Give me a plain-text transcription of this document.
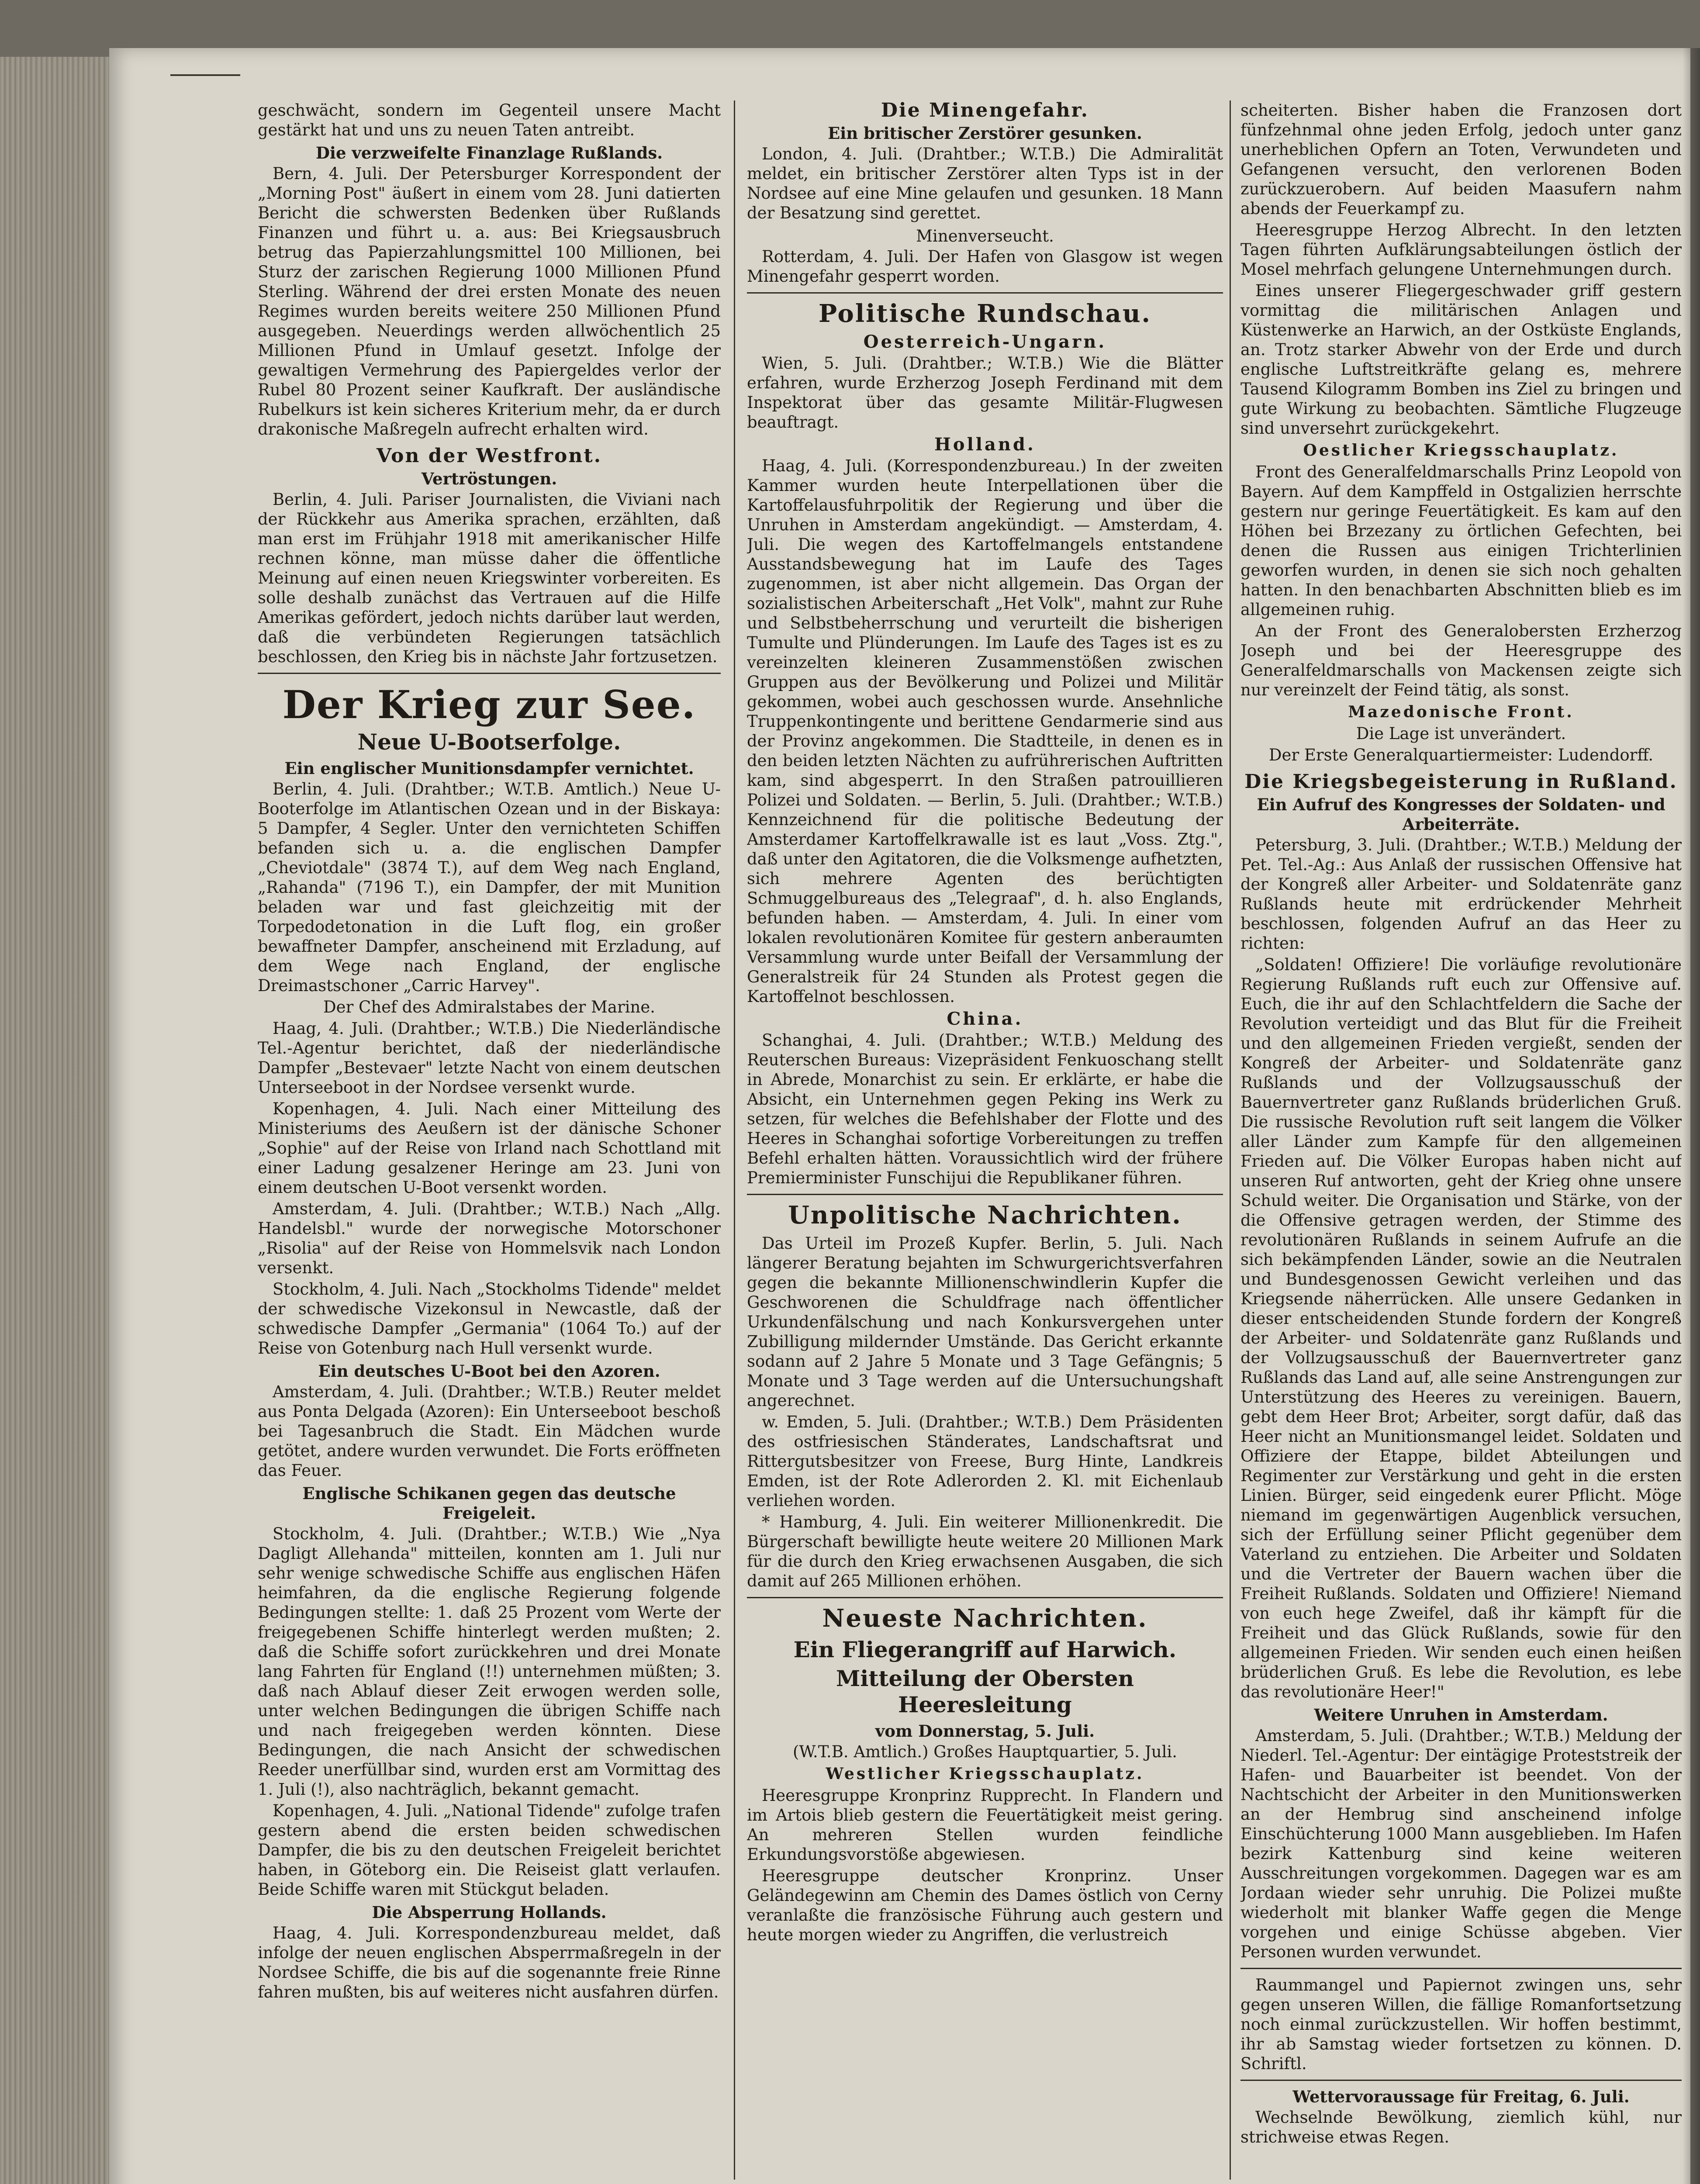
geschwächt, sondern im Gegenteil unsere Macht gestärkt hat und uns zu neuen Taten antreibt.

Die verzweifelte Finanzlage Rußlands.

Bern, 4. Juli. Der Petersburger Korrespondent der „Morning Post" äußert in einem vom 28. Juni datierten Bericht die schwersten Bedenken über Rußlands Finanzen und führt u. a. aus: Bei Kriegsausbruch betrug das Papierzahlungsmittel 100 Millionen, bei Sturz der zarischen Regierung 1000 Millionen Pfund Sterling. Während der drei ersten Monate des neuen Regimes wurden bereits weitere 250 Millionen Pfund ausgegeben. Neuerdings werden allwöchentlich 25 Millionen Pfund in Umlauf gesetzt. Infolge der gewaltigen Vermehrung des Papiergeldes verlor der Rubel 80 Prozent seiner Kaufkraft. Der ausländische Rubelkurs ist kein sicheres Kriterium mehr, da er durch drakonische Maßregeln aufrecht erhalten wird.

Von der Westfront.
Vertröstungen.

Berlin, 4. Juli. Pariser Journalisten, die Viviani nach der Rückkehr aus Amerika sprachen, erzählten, daß man erst im Frühjahr 1918 mit amerikanischer Hilfe rechnen könne, man müsse daher die öffentliche Meinung auf einen neuen Kriegswinter vorbereiten. Es solle deshalb zunächst das Vertrauen auf die Hilfe Amerikas gefördert, jedoch nichts darüber laut werden, daß die verbündeten Regierungen tatsächlich beschlossen, den Krieg bis in nächste Jahr fortzusetzen.

Der Krieg zur See.
Neue U-Bootserfolge.
Ein englischer Munitionsdampfer vernichtet.

Berlin, 4. Juli. (Drahtber.; W.T.B. Amtlich.) Neue U-Booterfolge im Atlantischen Ozean und in der Biskaya: 5 Dampfer, 4 Segler. Unter den vernichteten Schiffen befanden sich u. a. die englischen Dampfer „Cheviotdale" (3874 T.), auf dem Weg nach England, „Rahanda" (7196 T.), ein Dampfer, der mit Munition beladen war und fast gleichzeitig mit der Torpedodetonation in die Luft flog, ein großer bewaffneter Dampfer, anscheinend mit Erzladung, auf dem Wege nach England, der englische Dreimastschoner „Carric Harvey".

Der Chef des Admiralstabes der Marine.

Haag, 4. Juli. (Drahtber.; W.T.B.) Die Niederländische Tel.-Agentur berichtet, daß der niederländische Dampfer „Bestevaer" letzte Nacht von einem deutschen Unterseeboot in der Nordsee versenkt wurde.

Kopenhagen, 4. Juli. Nach einer Mitteilung des Ministeriums des Aeußern ist der dänische Schoner „Sophie" auf der Reise von Irland nach Schottland mit einer Ladung gesalzener Heringe am 23. Juni von einem deutschen U-Boot versenkt worden.

Amsterdam, 4. Juli. (Drahtber.; W.T.B.) Nach „Allg. Handelsbl." wurde der norwegische Motorschoner „Risolia" auf der Reise von Hommelsvik nach London versenkt.

Stockholm, 4. Juli. Nach „Stockholms Tidende" meldet der schwedische Vizekonsul in Newcastle, daß der schwedische Dampfer „Germania" (1064 To.) auf der Reise von Gotenburg nach Hull versenkt wurde.

Ein deutsches U-Boot bei den Azoren.

Amsterdam, 4. Juli. (Drahtber.; W.T.B.) Reuter meldet aus Ponta Delgada (Azoren): Ein Unterseeboot beschoß bei Tagesanbruch die Stadt. Ein Mädchen wurde getötet, andere wurden verwundet. Die Forts eröffneten das Feuer.

Englische Schikanen gegen das deutsche Freigeleit.

Stockholm, 4. Juli. (Drahtber.; W.T.B.) Wie „Nya Dagligt Allehanda" mitteilen, konnten am 1. Juli nur sehr wenige schwedische Schiffe aus englischen Häfen heimfahren, da die englische Regierung folgende Bedingungen stellte: 1. daß 25 Prozent vom Werte der freigegebenen Schiffe hinterlegt werden mußten; 2. daß die Schiffe sofort zurückkehren und drei Monate lang Fahrten für England (!!) unternehmen müßten; 3. daß nach Ablauf dieser Zeit erwogen werden solle, unter welchen Bedingungen die übrigen Schiffe nach und nach freigegeben werden könnten. Diese Bedingungen, die nach Ansicht der schwedischen Reeder unerfüllbar sind, wurden erst am Vormittag des 1. Juli (!), also nachträglich, bekannt gemacht.

Kopenhagen, 4. Juli. „National Tidende" zufolge trafen gestern abend die ersten beiden schwedischen Dampfer, die bis zu den deutschen Freigeleit berichtet haben, in Göteborg ein. Die Reiseist glatt verlaufen. Beide Schiffe waren mit Stückgut beladen.

Die Absperrung Hollands.

Haag, 4. Juli. Korrespondenzbureau meldet, daß infolge der neuen englischen Absperrmaßregeln in der Nordsee Schiffe, die bis auf die sogenannte freie Rinne fahren mußten, bis auf weiteres nicht ausfahren dürfen.

Die Minengefahr.
Ein britischer Zerstörer gesunken.

London, 4. Juli. (Drahtber.; W.T.B.) Die Admiralität meldet, ein britischer Zerstörer alten Typs ist in der Nordsee auf eine Mine gelaufen und gesunken. 18 Mann der Besatzung sind gerettet.

Minenverseucht.

Rotterdam, 4. Juli. Der Hafen von Glasgow ist wegen Minengefahr gesperrt worden.

Politische Rundschau.
Oesterreich-Ungarn.

Wien, 5. Juli. (Drahtber.; W.T.B.) Wie die Blätter erfahren, wurde Erzherzog Joseph Ferdinand mit dem Inspektorat über das gesamte Militär-Flugwesen beauftragt.

Holland.

Haag, 4. Juli. (Korrespondenzbureau.) In der zweiten Kammer wurden heute Interpellationen über die Kartoffelausfuhrpolitik der Regierung und über die Unruhen in Amsterdam angekündigt. — Amsterdam, 4. Juli. Die wegen des Kartoffelmangels entstandene Ausstandsbewegung hat im Laufe des Tages zugenommen, ist aber nicht allgemein. Das Organ der sozialistischen Arbeiterschaft „Het Volk", mahnt zur Ruhe und Selbstbeherrschung und verurteilt die bisherigen Tumulte und Plünderungen. Im Laufe des Tages ist es zu vereinzelten kleineren Zusammenstößen zwischen Gruppen aus der Bevölkerung und Polizei und Militär gekommen, wobei auch geschossen wurde. Ansehnliche Truppenkontingente und berittene Gendarmerie sind aus der Provinz angekommen. Die Stadtteile, in denen es in den beiden letzten Nächten zu aufrührerischen Auftritten kam, sind abgesperrt. In den Straßen patrouillieren Polizei und Soldaten. — Berlin, 5. Juli. (Drahtber.; W.T.B.) Kennzeichnend für die politische Bedeutung der Amsterdamer Kartoffelkrawalle ist es laut „Voss. Ztg.", daß unter den Agitatoren, die die Volksmenge aufhetzten, sich mehrere Agenten des berüchtigten Schmuggelbureaus des „Telegraaf", d. h. also Englands, befunden haben. — Amsterdam, 4. Juli. In einer vom lokalen revolutionären Komitee für gestern anberaumten Versammlung wurde unter Beifall der Versammlung der Generalstreik für 24 Stunden als Protest gegen die Kartoffelnot beschlossen.

China.

Schanghai, 4. Juli. (Drahtber.; W.T.B.) Meldung des Reuterschen Bureaus: Vizepräsident Fenkuoschang stellt in Abrede, Monarchist zu sein. Er erklärte, er habe die Absicht, ein Unternehmen gegen Peking ins Werk zu setzen, für welches die Befehlshaber der Flotte und des Heeres in Schanghai sofortige Vorbereitungen zu treffen Befehl erhalten hätten. Voraussichtlich wird der frühere Premierminister Funschijui die Republikaner führen.

Unpolitische Nachrichten.

Das Urteil im Prozeß Kupfer. Berlin, 5. Juli. Nach längerer Beratung bejahten im Schwurgerichtsverfahren gegen die bekannte Millionenschwindlerin Kupfer die Geschworenen die Schuldfrage nach öffentlicher Urkundenfälschung und nach Konkursvergehen unter Zubilligung mildernder Umstände. Das Gericht erkannte sodann auf 2 Jahre 5 Monate und 3 Tage Gefängnis; 5 Monate und 3 Tage werden auf die Untersuchungshaft angerechnet.

w. Emden, 5. Juli. (Drahtber.; W.T.B.) Dem Präsidenten des ostfriesischen Ständerates, Landschaftsrat und Rittergutsbesitzer von Freese, Burg Hinte, Landkreis Emden, ist der Rote Adlerorden 2. Kl. mit Eichenlaub verliehen worden.

* Hamburg, 4. Juli. Ein weiterer Millionenkredit. Die Bürgerschaft bewilligte heute weitere 20 Millionen Mark für die durch den Krieg erwachsenen Ausgaben, die sich damit auf 265 Millionen erhöhen.

Neueste Nachrichten.
Ein Fliegerangriff auf Harwich.
Mitteilung der Obersten Heeresleitung
vom Donnerstag, 5. Juli.

(W.T.B. Amtlich.) Großes Hauptquartier, 5. Juli.

Westlicher Kriegsschauplatz.

Heeresgruppe Kronprinz Rupprecht. In Flandern und im Artois blieb gestern die Feuertätigkeit meist gering. An mehreren Stellen wurden feindliche Erkundungsvorstöße abgewiesen.

Heeresgruppe deutscher Kronprinz. Unser Geländegewinn am Chemin des Dames östlich von Cerny veranlaßte die französische Führung auch gestern und heute morgen wieder zu Angriffen, die verlustreich

scheiterten. Bisher haben die Franzosen dort fünfzehnmal ohne jeden Erfolg, jedoch unter ganz unerheblichen Opfern an Toten, Verwundeten und Gefangenen versucht, den verlorenen Boden zurückzuerobern. Auf beiden Maasufern nahm abends der Feuerkampf zu.

Heeresgruppe Herzog Albrecht. In den letzten Tagen führten Aufklärungsabteilungen östlich der Mosel mehrfach gelungene Unternehmungen durch.

Eines unserer Fliegergeschwader griff gestern vormittag die militärischen Anlagen und Küstenwerke an Harwich, an der Ostküste Englands, an. Trotz starker Abwehr von der Erde und durch englische Luftstreitkräfte gelang es, mehrere Tausend Kilogramm Bomben ins Ziel zu bringen und gute Wirkung zu beobachten. Sämtliche Flugzeuge sind unversehrt zurückgekehrt.

Oestlicher Kriegsschauplatz.

Front des Generalfeldmarschalls Prinz Leopold von Bayern. Auf dem Kampffeld in Ostgalizien herrschte gestern nur geringe Feuertätigkeit. Es kam auf den Höhen bei Brzezany zu örtlichen Gefechten, bei denen die Russen aus einigen Trichterlinien geworfen wurden, in denen sie sich noch gehalten hatten. In den benachbarten Abschnitten blieb es im allgemeinen ruhig.

An der Front des Generalobersten Erzherzog Joseph und bei der Heeresgruppe des Generalfeldmarschalls von Mackensen zeigte sich nur vereinzelt der Feind tätig, als sonst.

Mazedonische Front.

Die Lage ist unverändert.

Der Erste Generalquartiermeister: Ludendorff.

Die Kriegsbegeisterung in Rußland.
Ein Aufruf des Kongresses der Soldaten- und Arbeiterräte.

Petersburg, 3. Juli. (Drahtber.; W.T.B.) Meldung der Pet. Tel.-Ag.: Aus Anlaß der russischen Offensive hat der Kongreß aller Arbeiter- und Soldatenräte ganz Rußlands heute mit erdrückender Mehrheit beschlossen, folgenden Aufruf an das Heer zu richten:

„Soldaten! Offiziere! Die vorläufige revolutionäre Regierung Rußlands ruft euch zur Offensive auf. Euch, die ihr auf den Schlachtfeldern die Sache der Revolution verteidigt und das Blut für die Freiheit und den allgemeinen Frieden vergießt, senden der Kongreß der Arbeiter- und Soldatenräte ganz Rußlands und der Vollzugsausschuß der Bauernvertreter ganz Rußlands brüderlichen Gruß. Die russische Revolution ruft seit langem die Völker aller Länder zum Kampfe für den allgemeinen Frieden auf. Die Völker Europas haben nicht auf unseren Ruf antworten, geht der Krieg ohne unsere Schuld weiter. Die Organisation und Stärke, von der die Offensive getragen werden, der Stimme des revolutionären Rußlands in seinem Aufrufe an die sich bekämpfenden Länder, sowie an die Neutralen und Bundesgenossen Gewicht verleihen und das Kriegsende näherrücken. Alle unsere Gedanken in dieser entscheidenden Stunde fordern der Kongreß der Arbeiter- und Soldatenräte ganz Rußlands und der Vollzugsausschuß der Bauernvertreter ganz Rußlands das Land auf, alle seine Anstrengungen zur Unterstützung des Heeres zu vereinigen. Bauern, gebt dem Heer Brot; Arbeiter, sorgt dafür, daß das Heer nicht an Munitionsmangel leidet. Soldaten und Offiziere der Etappe, bildet Abteilungen und Regimenter zur Verstärkung und geht in die ersten Linien. Bürger, seid eingedenk eurer Pflicht. Möge niemand im gegenwärtigen Augenblick versuchen, sich der Erfüllung seiner Pflicht gegenüber dem Vaterland zu entziehen. Die Arbeiter und Soldaten und die Vertreter der Bauern wachen über die Freiheit Rußlands. Soldaten und Offiziere! Niemand von euch hege Zweifel, daß ihr kämpft für die Freiheit und das Glück Rußlands, sowie für den allgemeinen Frieden. Wir senden euch einen heißen brüderlichen Gruß. Es lebe die Revolution, es lebe das revolutionäre Heer!"

Weitere Unruhen in Amsterdam.

Amsterdam, 5. Juli. (Drahtber.; W.T.B.) Meldung der Niederl. Tel.-Agentur: Der eintägige Proteststreik der Hafen- und Bauarbeiter ist beendet. Von der Nachtschicht der Arbeiter in den Munitionswerken an der Hembrug sind anscheinend infolge Einschüchterung 1000 Mann ausgeblieben. Im Hafen bezirk Kattenburg sind keine weiteren Ausschreitungen vorgekommen. Dagegen war es am Jordaan wieder sehr unruhig. Die Polizei mußte wiederholt mit blanker Waffe gegen die Menge vorgehen und einige Schüsse abgeben. Vier Personen wurden verwundet.

Raummangel und Papiernot zwingen uns, sehr gegen unseren Willen, die fällige Romanfortsetzung noch einmal zurückzustellen. Wir hoffen bestimmt, ihr ab Samstag wieder fortsetzen zu können. D. Schriftl.

Wettervoraussage für Freitag, 6. Juli.

Wechselnde Bewölkung, ziemlich kühl, nur strichweise etwas Regen.
